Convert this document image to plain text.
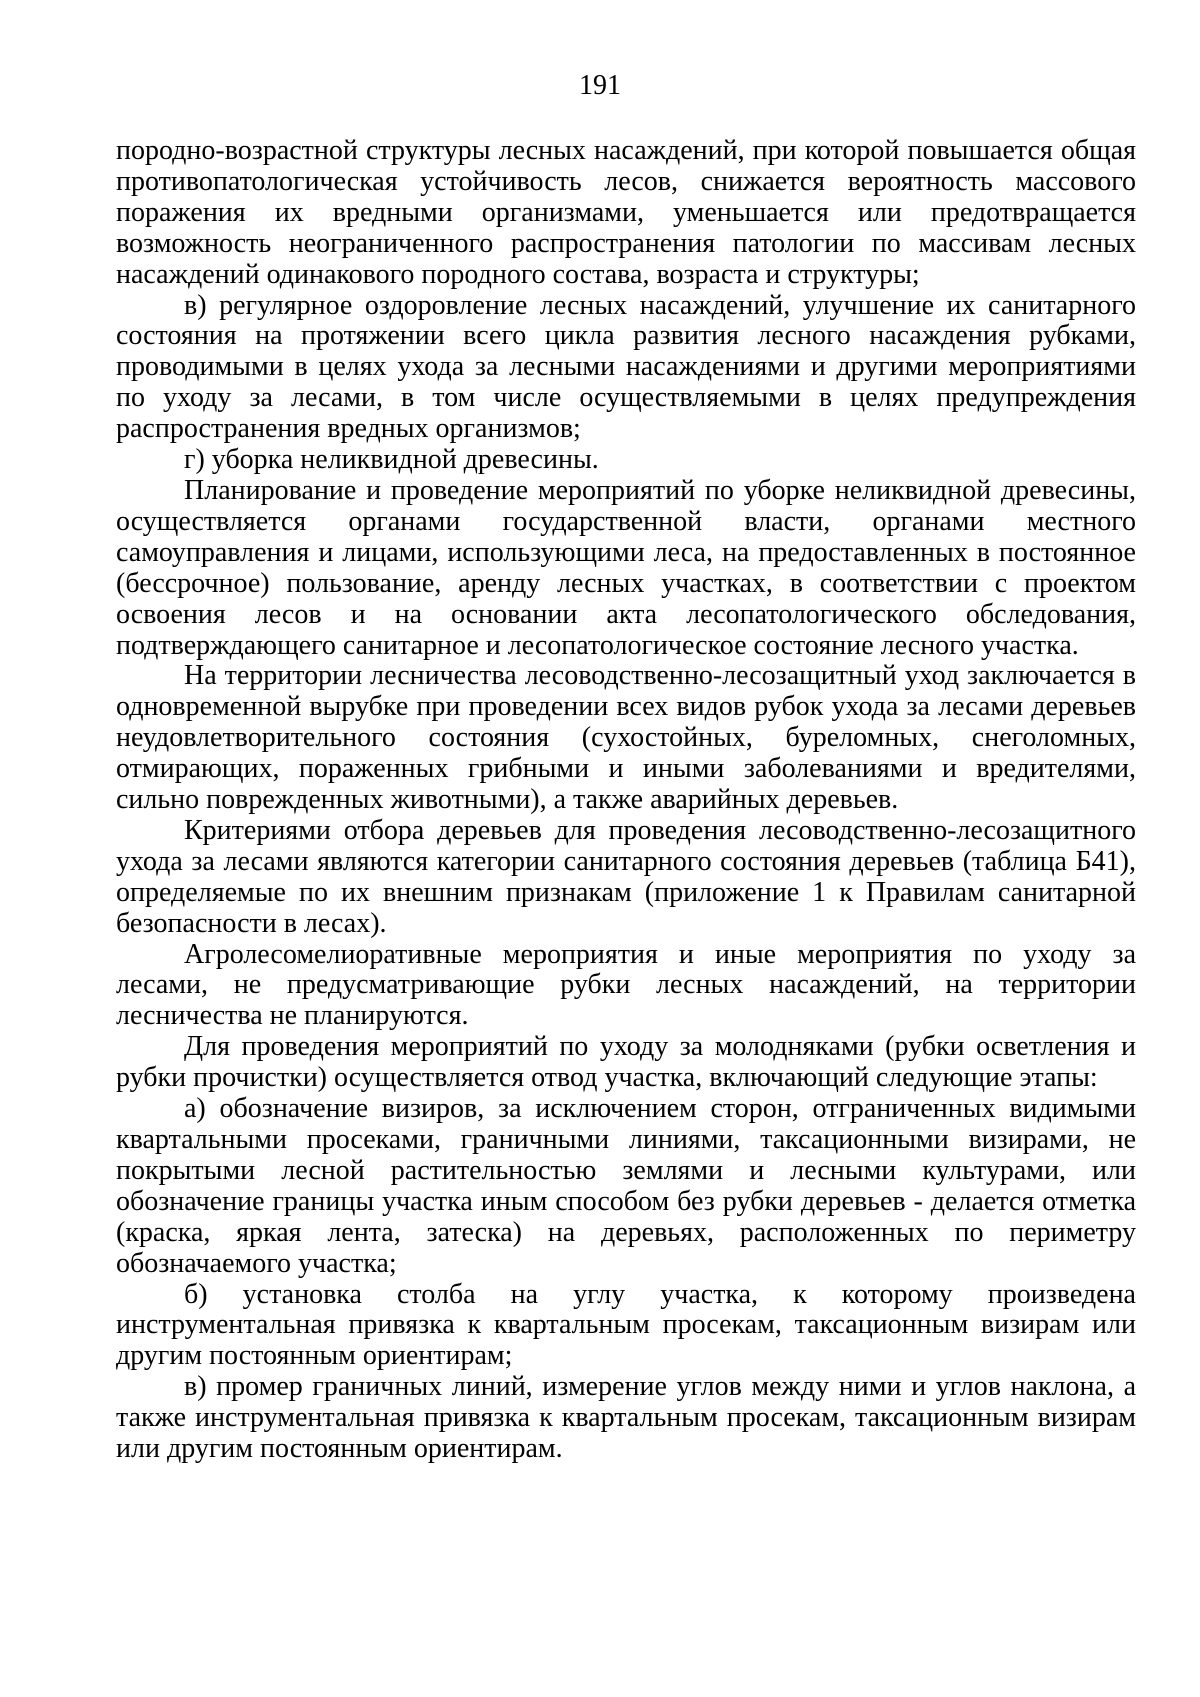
191

породно-возрастной структуры лесных насаждений, при которой повышается общая противопатологическая устойчивость лесов, снижается вероятность массового поражения их вредными организмами, уменьшается или предотвращается возможность неограниченного распространения патологии по массивам лесных насаждений одинакового породного состава, возраста и структуры;

в) регулярное оздоровление лесных насаждений, улучшение их санитарного состояния на протяжении всего цикла развития лесного насаждения рубками, проводимыми в целях ухода за лесными насаждениями и другими мероприятиями по уходу за лесами, в том числе осуществляемыми в целях предупреждения распространения вредных организмов;

г) уборка неликвидной древесины.

Планирование и проведение мероприятий по уборке неликвидной древесины, осуществляется органами государственной власти, органами местного самоуправления и лицами, использующими леса, на предоставленных в постоянное (бессрочное) пользование, аренду лесных участках, в соответствии с проектом освоения лесов и на основании акта лесопатологического обследования, подтверждающего санитарное и лесопатологическое состояние лесного участка.

На территории лесничества лесоводственно-лесозащитный уход заключается в одновременной вырубке при проведении всех видов рубок ухода за лесами деревьев неудовлетворительного состояния (сухостойных, буреломных, снеголомных, отмирающих, пораженных грибными и иными заболеваниями и вредителями, сильно поврежденных животными), а также аварийных деревьев.

Критериями отбора деревьев для проведения лесоводственно-лесозащитного ухода за лесами являются категории санитарного состояния деревьев (таблица Б41), определяемые по их внешним признакам (приложение 1 к Правилам санитарной безопасности в лесах).

Агролесомелиоративные мероприятия и иные мероприятия по уходу за лесами, не предусматривающие рубки лесных насаждений, на территории лесничества не планируются.

Для проведения мероприятий по уходу за молодняками (рубки осветления и рубки прочистки) осуществляется отвод участка, включающий следующие этапы:

а) обозначение визиров, за исключением сторон, отграниченных видимыми квартальными просеками, граничными линиями, таксационными визирами, не покрытыми лесной растительностью землями и лесными культурами, или обозначение границы участка иным способом без рубки деревьев - делается отметка (краска, яркая лента, затеска) на деревьях, расположенных по периметру обозначаемого участка;

б) установка столба на углу участка, к которому произведена инструментальная привязка к квартальным просекам, таксационным визирам или другим постоянным ориентирам;

в) промер граничных линий, измерение углов между ними и углов наклона, а также инструментальная привязка к квартальным просекам, таксационным визирам или другим постоянным ориентирам.
